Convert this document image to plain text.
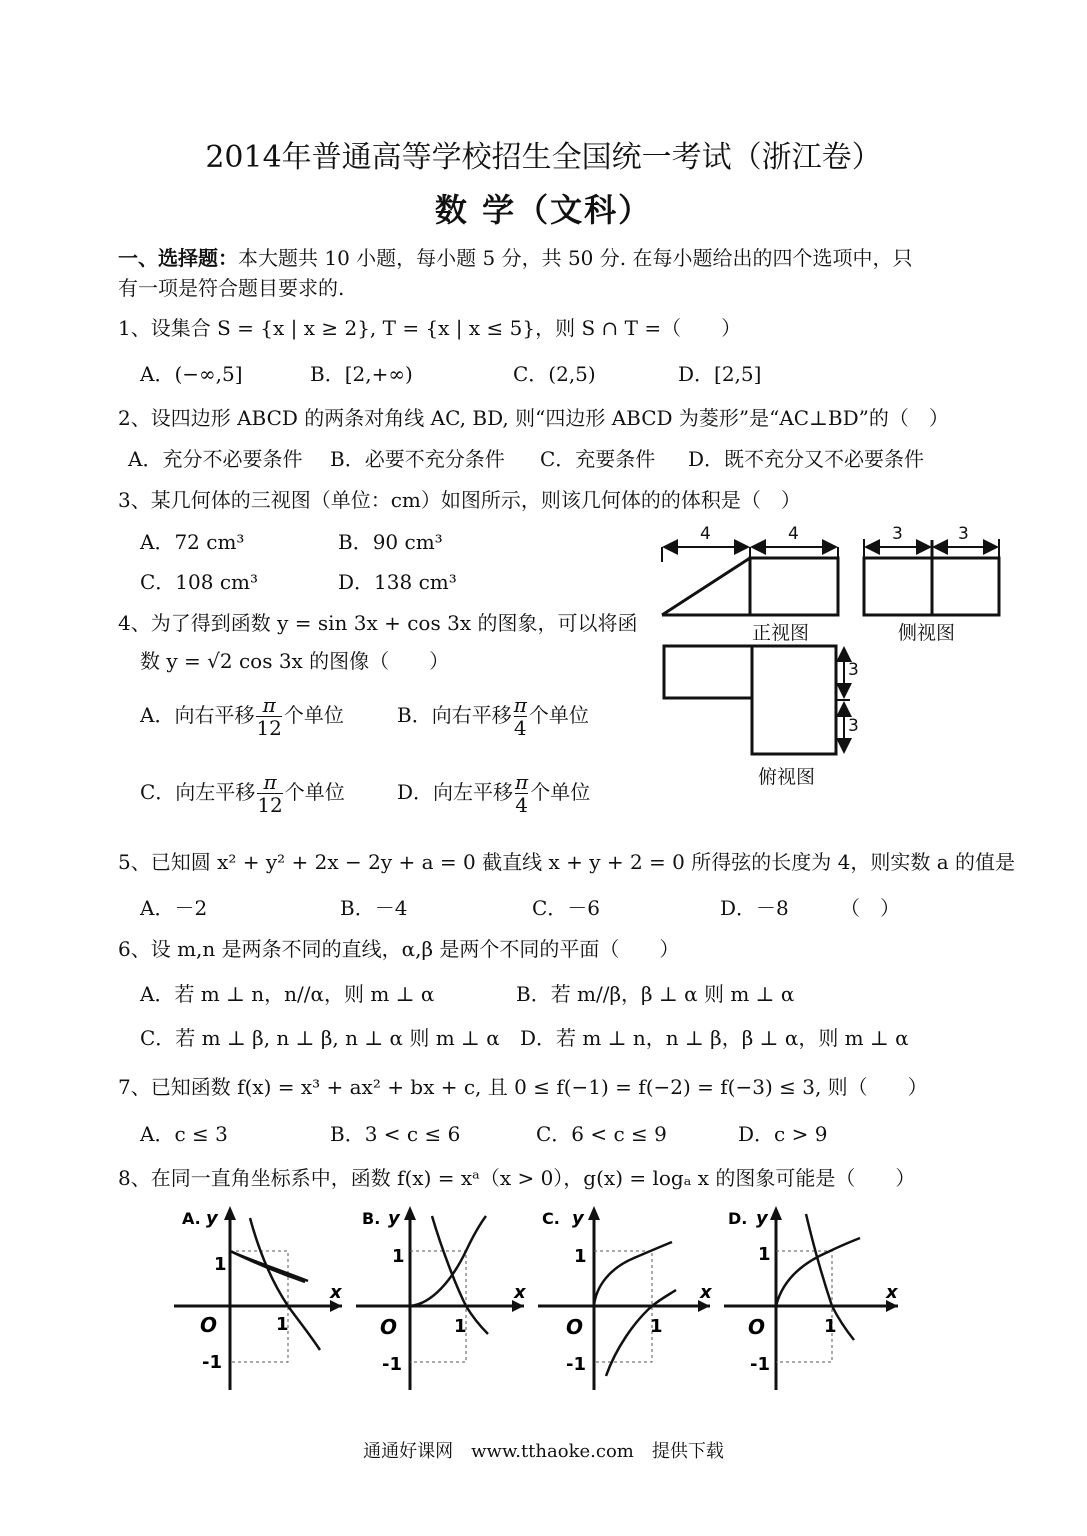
2014年普通高等学校招生全国统一考试（浙江卷）
数 学（文科）
一、选择题：本大题共 10 小题，每小题 5 分，共 50 分. 在每小题给出的四个选项中，只
有一项是符合题目要求的.
1、设集合 S = {x | x ≥ 2}, T = {x | x ≤ 5}，则 S ∩ T =（　　）
A．(−∞,5]	B．[2,+∞)	C．(2,5)	D．[2,5]
2、设四边形 ABCD 的两条对角线 AC, BD, 则“四边形 ABCD 为菱形”是“AC⊥BD”的（　）
A．充分不必要条件 B．必要不充分条件 C．充要条件 D．既不充分又不必要条件
3、某几何体的三视图（单位：cm）如图所示，则该几何体的的体积是（　）
A．72 cm³	B．90 cm³
C．108 cm³	D．138 cm³
4	4	3	3
3
3
正视图	侧视图
俯视图
4、为了得到函数 y = sin 3x + cos 3x 的图象，可以将函
数 y = √2 cos 3x 的图像（　　）
A．向右平移 $\frac{\pi}{12}$ 个单位	B．向右平移 $\frac{\pi}{4}$ 个单位
C．向左平移 $\frac{\pi}{12}$ 个单位	D．向左平移 $\frac{\pi}{4}$ 个单位
5、已知圆 x² + y² + 2x − 2y + a = 0 截直线 x + y + 2 = 0 所得弦的长度为 4，则实数 a 的值是
A．－2	B．－4	C．－6	D．－8	（　）
6、设 m,n 是两条不同的直线，α,β 是两个不同的平面（　　）
A．若 m ⊥ n，n//α，则 m ⊥ α	B．若 m//β，β ⊥ α 则 m ⊥ α
C．若 m ⊥ β, n ⊥ β, n ⊥ α 则 m ⊥ α D．若 m ⊥ n，n ⊥ β，β ⊥ α，则 m ⊥ α
7、已知函数 f(x) = x³ + ax² + bx + c, 且 0 ≤ f(−1) = f(−2) = f(−3) ≤ 3, 则（　　）
A．c ≤ 3	B．3 < c ≤ 6	C．6 < c ≤ 9	D．c > 9
8、在同一直角坐标系中，函数 f(x) = xᵃ（x > 0），g(x) = logₐ x 的图象可能是（　　）
A. y
x
O
1
1
-1
B. y
x
O
1
1
-1
C. y
x
O
1
1
-1
D. y
x
O
1
1
-1
通通好课网　www.tthaoke.com　提供下载
